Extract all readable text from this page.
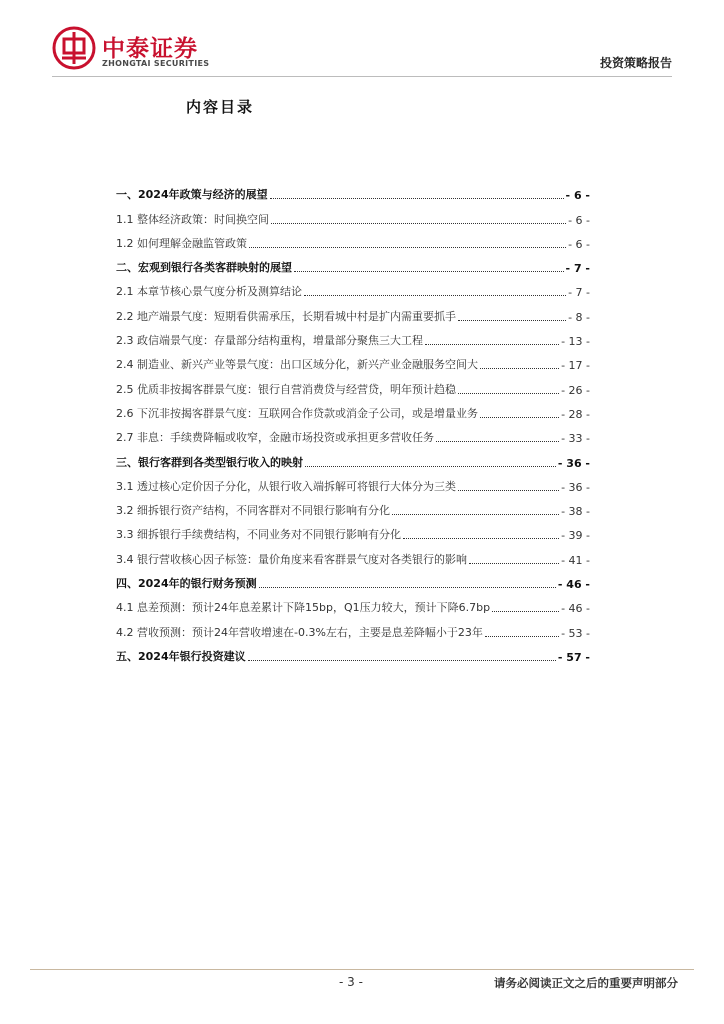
中泰证券
ZHONGTAI SECURITIES	投资策略报告
内容目录
一、2024年政策与经济的展望	- 6 -
1.1 整体经济政策：时间换空间	- 6 -
1.2 如何理解金融监管政策	- 6 -
二、宏观到银行各类客群映射的展望	- 7 -
2.1 本章节核心景气度分析及测算结论	- 7 -
2.2 地产端景气度：短期看供需承压，长期看城中村是扩内需重要抓手	- 8 -
2.3 政信端景气度：存量部分结构重构，增量部分聚焦三大工程	- 13 -
2.4 制造业、新兴产业等景气度：出口区域分化，新兴产业金融服务空间大	- 17 -
2.5 优质非按揭客群景气度：银行自营消费贷与经营贷，明年预计趋稳	- 26 -
2.6 下沉非按揭客群景气度：互联网合作贷款或消金子公司，或是增量业务	- 28 -
2.7 非息：手续费降幅或收窄，金融市场投资或承担更多营收任务	- 33 -
三、银行客群到各类型银行收入的映射	- 36 -
3.1 透过核心定价因子分化，从银行收入端拆解可将银行大体分为三类	- 36 -
3.2 细拆银行资产结构，不同客群对不同银行影响有分化	- 38 -
3.3 细拆银行手续费结构，不同业务对不同银行影响有分化	- 39 -
3.4 银行营收核心因子标签：量价角度来看客群景气度对各类银行的影响	- 41 -
四、2024年的银行财务预测	- 46 -
4.1 息差预测：预计24年息差累计下降15bp，Q1压力较大，预计下降6.7bp	- 46 -
4.2 营收预测：预计24年营收增速在-0.3%左右，主要是息差降幅小于23年	- 53 -
五、2024年银行投资建议	- 57 -
- 3 -	请务必阅读正文之后的重要声明部分
